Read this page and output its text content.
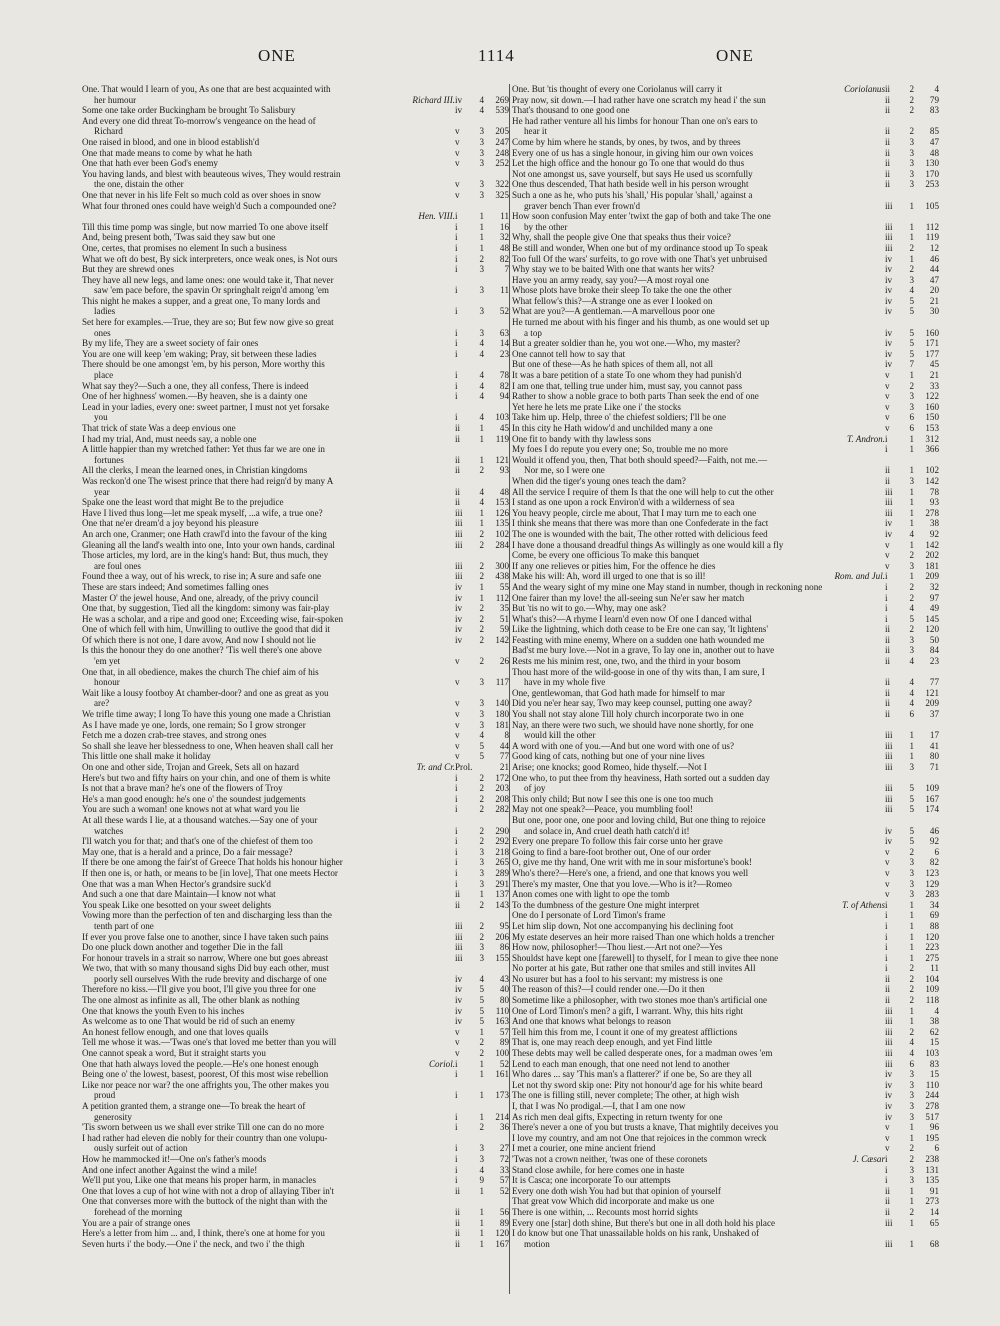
ONE	1114	ONE
One. That would I learn of you, As one that are best acquainted with
her humour	Richard III. iv	4	269
Some one take order Buckingham be brought To Salisbury	iv	4	539
And every one did threat To-morrow's vengeance on the head of
Richard	v	3	205
One raised in blood, and one in blood establish'd	v	3	247
One that made means to come by what he hath	v	3	248
One that hath ever been God's enemy	v	3	252
You having lands, and blest with beauteous wives, They would restrain
the one, distain the other	v	3	322
One that never in his life Felt so much cold as over shoes in snow	v	3	325
What four throned ones could have weigh'd Such a compounded one?
Hen. VIII. i	1	11
Till this time pomp was single, but now married To one above itself	i	1	16
And, being present both, 'Twas said they saw but one	i	1	32
One, certes, that promises no element In such a business	i	1	48
What we oft do best, By sick interpreters, once weak ones, is Not ours	i	2	82
But they are shrewd ones	i	3	7
They have all new legs, and lame ones: one would take it, That never
saw 'em pace before, the spavin Or springhalt reign'd among 'em	i	3	11
This night he makes a supper, and a great one, To many lords and
ladies	i	3	52
Set here for examples.—True, they are so; But few now give so great
ones	i	3	63
By my life, They are a sweet society of fair ones	i	4	14
You are one will keep 'em waking; Pray, sit between these ladies	i	4	23
There should be one amongst 'em, by his person, More worthy this
place	i	4	78
What say they?—Such a one, they all confess, There is indeed	i	4	82
One of her highness' women.—By heaven, she is a dainty one	i	4	94
Lead in your ladies, every one: sweet partner, I must not yet forsake
you	i	4	103
That trick of state Was a deep envious one	ii	1	45
I had my trial, And, must needs say, a noble one	ii	1	119
A little happier than my wretched father: Yet thus far we are one in
fortunes	ii	1	121
All the clerks, I mean the learned ones, in Christian kingdoms	ii	2	93
Was reckon'd one The wisest prince that there had reign'd by many A
year	ii	4	48
Spake one the least word that might Be to the prejudice	ii	4	153
Have I lived thus long—let me speak myself, ...a wife, a true one?	iii	1	126
One that ne'er dream'd a joy beyond his pleasure	iii	1	135
An arch one, Cranmer; one Hath crawl'd into the favour of the king	iii	2	102
Gleaning all the land's wealth into one, Into your own hands, cardinal	iii	2	284
Those articles, my lord, are in the king's hand: But, thus much, they
are foul ones	iii	2	300
Found thee a way, out of his wreck, to rise in; A sure and safe one	iii	2	438
These are stars indeed; And sometimes falling ones	iv	1	55
Master O' the jewel house, And one, already, of the privy council	iv	1	112
One that, by suggestion, Tied all the kingdom: simony was fair-play	iv	2	35
He was a scholar, and a ripe and good one; Exceeding wise, fair-spoken	iv	2	51
One of which fell with him, Unwilling to outlive the good that did it	iv	2	59
Of which there is not one, I dare avow, And now I should not lie	iv	2	142
Is this the honour they do one another? 'Tis well there's one above
'em yet	v	2	26
One that, in all obedience, makes the church The chief aim of his
honour	v	3	117
Wait like a lousy footboy At chamber-door? and one as great as you
are?	v	3	140
We trifle time away; I long To have this young one made a Christian	v	3	180
As I have made ye one, lords, one remain; So I grow stronger	v	3	181
Fetch me a dozen crab-tree staves, and strong ones	v	4	8
So shall she leave her blessedness to one, When heaven shall call her	v	5	44
This little one shall make it holiday	v	5	77
On one and other side, Trojan and Greek, Sets all on hazard	Tr. and Cr. Prol.	21
Here's but two and fifty hairs on your chin, and one of them is white	i	2	172
Is not that a brave man? he's one of the flowers of Troy	i	2	203
He's a man good enough: he's one o' the soundest judgements	i	2	208
You are such a woman! one knows not at what ward you lie	i	2	282
At all these wards I lie, at a thousand watches.—Say one of your
watches	i	2	290
I'll watch you for that; and that's one of the chiefest of them too	i	2	292
May one, that is a herald and a prince, Do a fair message?	i	3	218
If there be one among the fair'st of Greece That holds his honour higher	i	3	265
If then one is, or hath, or means to be [in love], That one meets Hector	i	3	289
One that was a man When Hector's grandsire suck'd	i	3	291
And such a one that dare Maintain—I know not what	ii	1	137
You speak Like one besotted on your sweet delights	ii	2	143
Vowing more than the perfection of ten and discharging less than the
tenth part of one	iii	2	95
If ever you prove false one to another, since I have taken such pains	iii	2	206
Do one pluck down another and together Die in the fall	iii	3	86
For honour travels in a strait so narrow, Where one but goes abreast	iii	3	155
We two, that with so many thousand sighs Did buy each other, must
poorly sell ourselves With the rude brevity and discharge of one	iv	4	43
Therefore no kiss.—I'll give you boot, I'll give you three for one	iv	5	40
The one almost as infinite as all, The other blank as nothing	iv	5	80
One that knows the youth Even to his inches	iv	5	110
As welcome as to one That would be rid of such an enemy	iv	5	163
An honest fellow enough, and one that loves quails	v	1	57
Tell me whose it was.—'Twas one's that loved me better than you will	v	2	89
One cannot speak a word, But it straight starts you	v	2	100
One that hath always loved the people.—He's one honest enough	Coriol. i	1	52
Being one o' the lowest, basest, poorest, Of this most wise rebellion	i	1	161
Like nor peace nor war? the one affrights you, The other makes you
proud	i	1	173
A petition granted them, a strange one—To break the heart of
generosity	i	1	214
'Tis sworn between us we shall ever strike Till one can do no more	i	2	36
I had rather had eleven die nobly for their country than one volupu-
ously surfeit out of action	i	3	27
How he mammocked it!—One on's father's moods	i	3	72
And one infect another Against the wind a mile!	i	4	33
We'll put you, Like one that means his proper harm, in manacles	i	9	57
One that loves a cup of hot wine with not a drop of allaying Tiber in't	ii	1	52
One that converses more with the buttock of the night than with the
forehead of the morning	ii	1	56
You are a pair of strange ones	ii	1	89
Here's a letter from him ... and, I think, there's one at home for you	ii	1	120
Seven hurts i' the body.—One i' the neck, and two i' the thigh	ii	1	167
One. But 'tis thought of every one Coriolanus will carry it	Coriolanus ii	2	4
Pray now, sit down.—I had rather have one scratch my head i' the sun	ii	2	79
That's thousand to one good one	ii	2	83
He had rather venture all his limbs for honour Than one on's ears to
hear it	ii	2	85
Come by him where he stands, by ones, by twos, and by threes	ii	3	47
Every one of us has a single honour, in giving him our own voices	ii	3	48
Let the high office and the honour go To one that would do thus	ii	3	130
Not one amongst us, save yourself, but says He used us scornfully	ii	3	170
One thus descended, That hath beside well in his person wrought	ii	3	253
Such a one as he, who puts his 'shall,' His popular 'shall,' against a
graver bench Than ever frown'd	iii	1	105
How soon confusion May enter 'twixt the gap of both and take The one
by the other	iii	1	112
Why, shall the people give One that speaks thus their voice?	iii	1	119
Be still and wonder, When one but of my ordinance stood up To speak	iii	2	12
Too full Of the wars' surfeits, to go rove with one That's yet unbruised	iv	1	46
Why stay we to be baited With one that wants her wits?	iv	2	44
Have you an army ready, say you?—A most royal one	iv	3	47
Whose plots have broke their sleep To take the one the other	iv	4	20
What fellow's this?—A strange one as ever I looked on	iv	5	21
What are you?—A gentleman.—A marvellous poor one	iv	5	30
He turned me about with his finger and his thumb, as one would set up
a top	iv	5	160
But a greater soldier than he, you wot one.—Who, my master?	iv	5	171
One cannot tell how to say that	iv	5	177
But one of these—As he hath spices of them all, not all	iv	7	45
It was a bare petition of a state To one whom they had punish'd	v	1	21
I am one that, telling true under him, must say, you cannot pass	v	2	33
Rather to show a noble grace to both parts Than seek the end of one	v	3	122
Yet here he lets me prate Like one i' the stocks	v	3	160
Take him up. Help, three o' the chiefest soldiers; I'll be one	v	6	150
In this city he Hath widow'd and unchilded many a one	v	6	153
One fit to bandy with thy lawless sons	T. Andron. i	1	312
My foes I do repute you every one; So, trouble me no more	i	1	366
Would it offend you, then, That both should speed?—Faith, not me.—
Nor me, so I were one	ii	1	102
When did the tiger's young ones teach the dam?	ii	3	142
All the service I require of them Is that the one will help to cut the other	iii	1	78
I stand as one upon a rock Environ'd with a wilderness of sea	iii	1	93
You heavy people, circle me about, That I may turn me to each one	iii	1	278
I think she means that there was more than one Confederate in the fact	iv	1	38
The one is wounded with the bait, The other rotted with delicious feed	iv	4	92
I have done a thousand dreadful things As willingly as one would kill a fly	v	1	142
Come, be every one officious To make this banquet	v	2	202
If any one relieves or pities him, For the offence he dies	v	3	181
Make his will: Ah, word ill urged to one that is so ill!	Rom. and Jul. i	1	209
And the weary sight of my mine one May stand in number, though in reckoning none	i	2	32
One fairer than my love! the all-seeing sun Ne'er saw her match	i	2	97
But 'tis no wit to go.—Why, may one ask?	i	4	49
What's this?—A rhyme I learn'd even now Of one I danced withal	i	5	145
Like the lightning, which doth cease to be Ere one can say, 'It lightens'	ii	2	120
Feasting with mine enemy, Where on a sudden one hath wounded me	ii	3	50
Bad'st me bury love.—Not in a grave, To lay one in, another out to have	ii	3	84
Rests me his minim rest, one, two, and the third in your bosom	ii	4	23
Thou hast more of the wild-goose in one of thy wits than, I am sure, I
have in my whole five	ii	4	77
One, gentlewoman, that God hath made for himself to mar	ii	4	121
Did you ne'er hear say, Two may keep counsel, putting one away?	ii	4	209
You shall not stay alone Till holy church incorporate two in one	ii	6	37
Nay, an there were two such, we should have none shortly, for one
would kill the other	iii	1	17
A word with one of you.—And but one word with one of us?	iii	1	41
Good king of cats, nothing but one of your nine lives	iii	1	80
Arise; one knocks; good Romeo, hide thyself.—Not I	iii	3	71
One who, to put thee from thy heaviness, Hath sorted out a sudden day
of joy	iii	5	109
This only child; But now I see this one is one too much	iii	5	167
May not one speak?—Peace, you mumbling fool!	iii	5	174
But one, poor one, one poor and loving child, But one thing to rejoice
and solace in, And cruel death hath catch'd it!	iv	5	46
Every one prepare To follow this fair corse unto her grave	iv	5	92
Going to find a bare-foot brother out, One of our order	v	2	6
O, give me thy hand, One writ with me in sour misfortune's book!	v	3	82
Who's there?—Here's one, a friend, and one that knows you well	v	3	123
There's my master, One that you love.—Who is it?—Romeo	v	3	129
Anon comes one with light to ope the tomb	v	3	283
To the dumbness of the gesture One might interpret	T. of Athens i	1	34
One do I personate of Lord Timon's frame	i	1	69
Let him slip down, Not one accompanying his declining foot	i	1	88
My estate deserves an heir more raised Than one which holds a trencher	i	1	120
How now, philosopher!—Thou liest.—Art not one?—Yes	i	1	223
Shouldst have kept one [farewell] to thyself, for I mean to give thee none	i	1	275
No porter at his gate, But rather one that smiles and still invites All	i	2	11
No usurer but has a fool to his servant: my mistress is one	ii	2	104
The reason of this?—I could render one.—Do it then	ii	2	109
Sometime like a philosopher, with two stones moe than's artificial one	ii	2	118
One of Lord Timon's men? a gift, I warrant. Why, this hits right	iii	1	4
And one that knows what belongs to reason	iii	1	38
Tell him this from me, I count it one of my greatest afflictions	iii	2	62
That is, one may reach deep enough, and yet Find little	iii	4	15
These debts may well be called desperate ones, for a madman owes 'em	iii	4	103
Lend to each man enough, that one need not lend to another	iii	6	83
Who dares ... say 'This man's a flatterer?' if one be, So are they all	iv	3	15
Let not thy sword skip one: Pity not honour'd age for his white beard	iv	3	110
The one is filling still, never complete; The other, at high wish	iv	3	244
I, that I was No prodigal.—I, that I am one now	iv	3	278
As rich men deal gifts, Expecting in return twenty for one	iv	3	517
There's never a one of you but trusts a knave, That mightily deceives you	v	1	96
I love my country, and am not One that rejoices in the common wreck	v	1	195
I met a courier, one mine ancient friend	v	2	6
'Twas not a crown neither, 'twas one of these coronets	J. Cæsar i	2	238
Stand close awhile, for here comes one in haste	i	3	131
It is Casca; one incorporate To our attempts	i	3	135
Every one doth wish You had but that opinion of yourself	ii	1	91
That great vow Which did incorporate and make us one	ii	1	273
There is one within, ... Recounts most horrid sights	ii	2	14
Every one [star] doth shine, But there's but one in all doth hold his place	iii	1	65
I do know but one That unassailable holds on his rank, Unshaked of
motion	iii	1	68
